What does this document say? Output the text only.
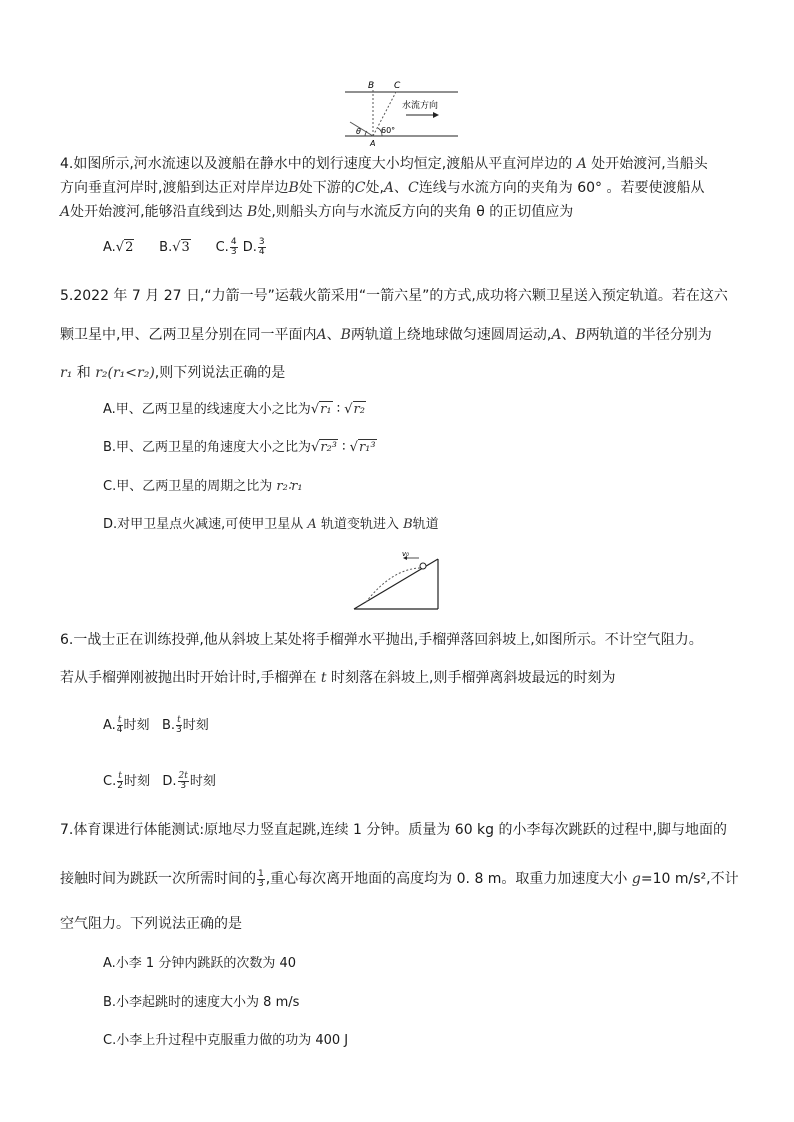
B C
A
θ	60°
水流方向
4.如图所示,河水流速以及渡船在静水中的划行速度大小均恒定,渡船从平直河岸边的 A 处开始渡河,当船头
方向垂直河岸时,渡船到达正对岸岸边B处下游的C处,A、C连线与水流方向的夹角为 60° 。若要使渡船从
A处开始渡河,能够沿直线到达 B处,则船头方向与水流反方向的夹角 θ 的正切值应为
A.√2 B.√3 C. $\frac{4}{3} D$. $\frac{3}{4}$
5.2022 年 7 月 27 日,“力箭一号”运载火箭采用“一箭六星”的方式,成功将六颗卫星送入预定轨道。若在这六
颗卫星中,甲、乙两卫星分别在同一平面内A、B两轨道上绕地球做匀速圆周运动,A、B两轨道的半径分别为
r₁ 和 r₂(r₁<r₂),则下列说法正确的是
A.甲、乙两卫星的线速度大小之比为√r₁ ∶ √r₂
B.甲、乙两卫星的角速度大小之比为√r₂³ ∶ √r₁³
C.甲、乙两卫星的周期之比为 r₂∶r₁
D.对甲卫星点火减速,可使甲卫星从 A 轨道变轨进入 B轨道
v₀
6.一战士正在训练投弹,他从斜坡上某处将手榴弹水平抛出,手榴弹落回斜坡上,如图所示。不计空气阻力。
若从手榴弹刚被抛出时开始计时,手榴弹在 t 时刻落在斜坡上,则手榴弹离斜坡最远的时刻为
A. $\frac{t}{4}$ 时刻 B. $\frac{t}{3}$ 时刻
C. $\frac{t}{2}$ 时刻 D. $\frac{2t}{3}$ 时刻
7.体育课进行体能测试:原地尽力竖直起跳,连续 1 分钟。质量为 60 kg 的小李每次跳跃的过程中,脚与地面的
接触时间为跳跃一次所需时间的 $\frac{1}{3}$ ,重心每次离开地面的高度均为 0. 8 m。取重力加速度大小 g=10 m/s²,不计
空气阻力。下列说法正确的是
A.小李 1 分钟内跳跃的次数为 40
B.小李起跳时的速度大小为 8 m/s
C.小李上升过程中克服重力做的功为 400 J
